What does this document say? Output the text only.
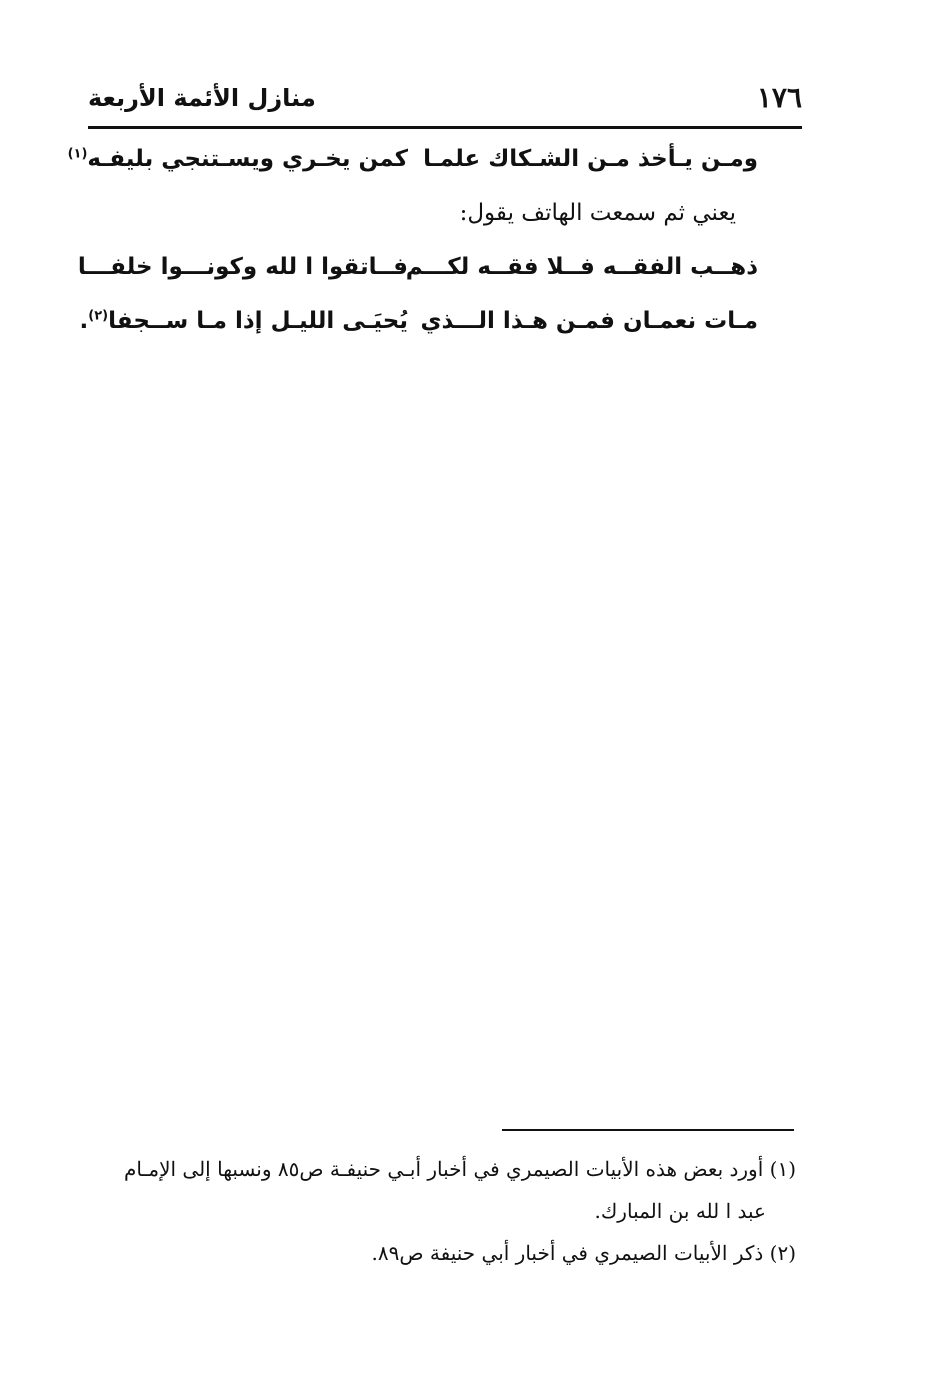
١٧٦
منازل الأئمة الأربعة
ومـن يـأخذ مـن الشـكاك علمـا
كمن يخـري ويسـتنجي بليفـه$^{(١)}$
يعني ثم سمعت الهاتف يقول:
ذهــب الفقــه فــلا فقــه لكـــم
فــاتقوا ا لله وكونـــوا خلفـــا
مـات نعمـان فمـن هـذا الـــذي
يُحيَـى الليـل إذا مـا ســجفا$^{(٢)}$.
(١) أورد بعض هذه الأبيات الصيمري في أخبار أبـي حنيفـة ص٨٥ ونسبها إلى الإمـام
عبد ا لله بن المبارك.
(٢) ذكر الأبيات الصيمري في أخبار أبي حنيفة ص٨٩.
